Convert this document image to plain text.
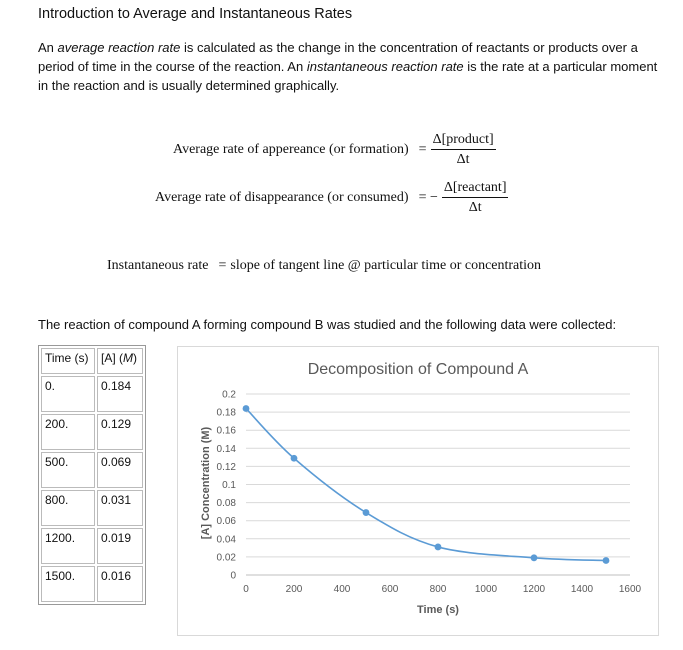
Introduction to Average and Instantaneous Rates
An average reaction rate is calculated as the change in the concentration of reactants or products over a period of time in the course of the reaction. An instantaneous reaction rate is the rate at a particular moment in the reaction and is usually determined graphically.
Average rate of appereance (or formation) = $\frac{\text{Δ[product]}}{\Delta t}$
Average rate of disappearance (or consumed) = − $\frac{\text{Δ[reactant]}}{\Delta t}$
Instantaneous rate = slope of tangent line @ particular time or concentration
The reaction of compound A forming compound B was studied and the following data were collected:
Time (s)	[A] (M)
0.	0.184
200.	0.129
500.	0.069
800.	0.031
1200.	0.019
1500.	0.016
Decomposition of Compound A
Time (s)
[A] Concentration (M)
0
0.02
0.04
0.06
0.08
0.1
0.12
0.14
0.16
0.18
0.2
0	200	400	600	800	1000	1200	1400	1600
